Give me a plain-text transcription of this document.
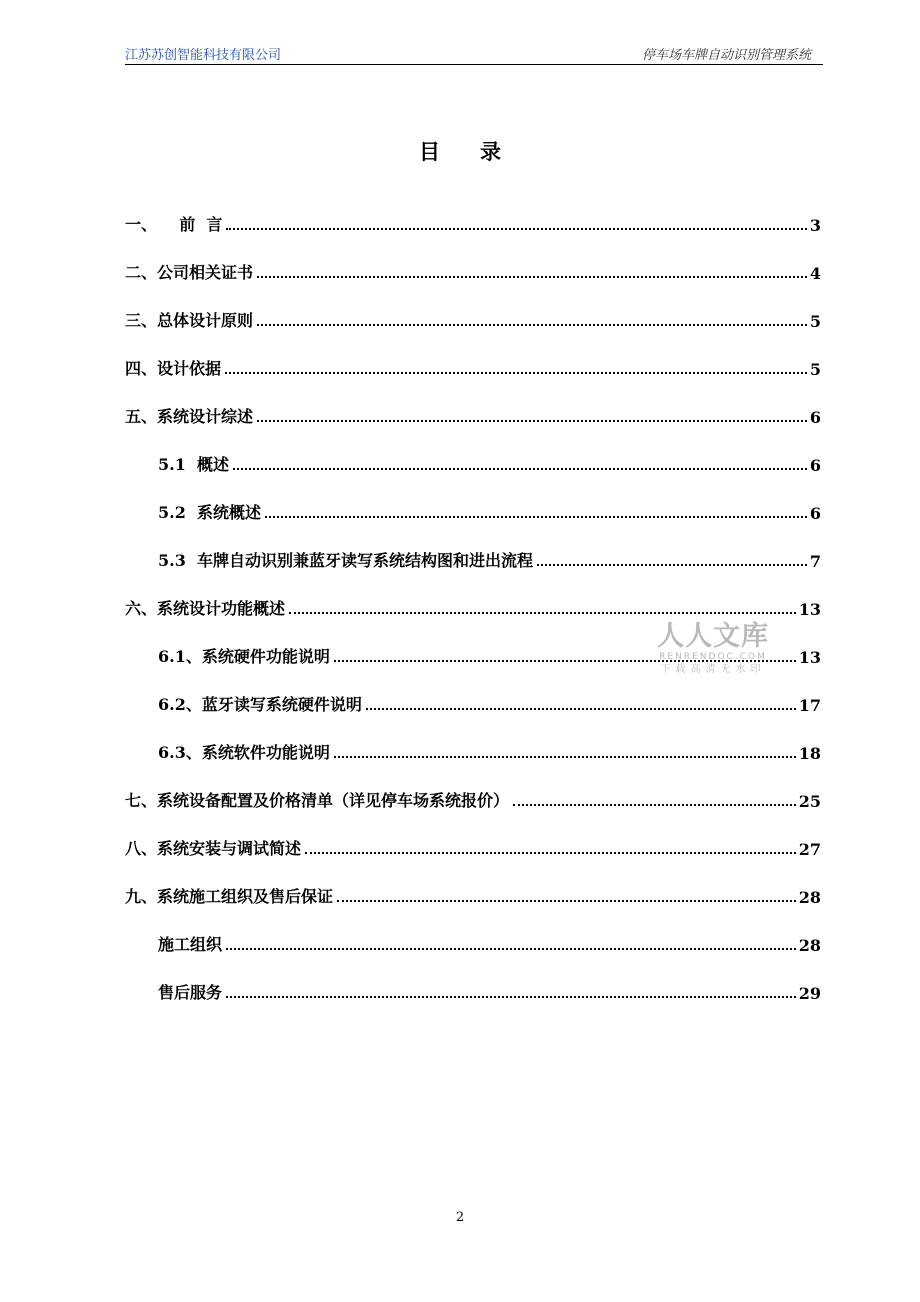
江苏苏创智能科技有限公司	停车场车牌自动识别管理系统
目录
一、    前  言	3
二、公司相关证书	4
三、总体设计原则	5
四、设计依据	5
五、系统设计综述	6
5.1  概述	6
5.2  系统概述	6
5.3  车牌自动识别兼蓝牙读写系统结构图和进出流程	7
六、系统设计功能概述	13
6.1、系统硬件功能说明	13
6.2、蓝牙读写系统硬件说明	17
6.3、系统软件功能说明	18
七、系统设备配置及价格清单（详见停车场系统报价）	25
八、系统安装与调试简述	27
九、系统施工组织及售后保证	28
施工组织	28
售后服务	29
人人文库
RENRENDOC.COM
下载高清无水印
2
